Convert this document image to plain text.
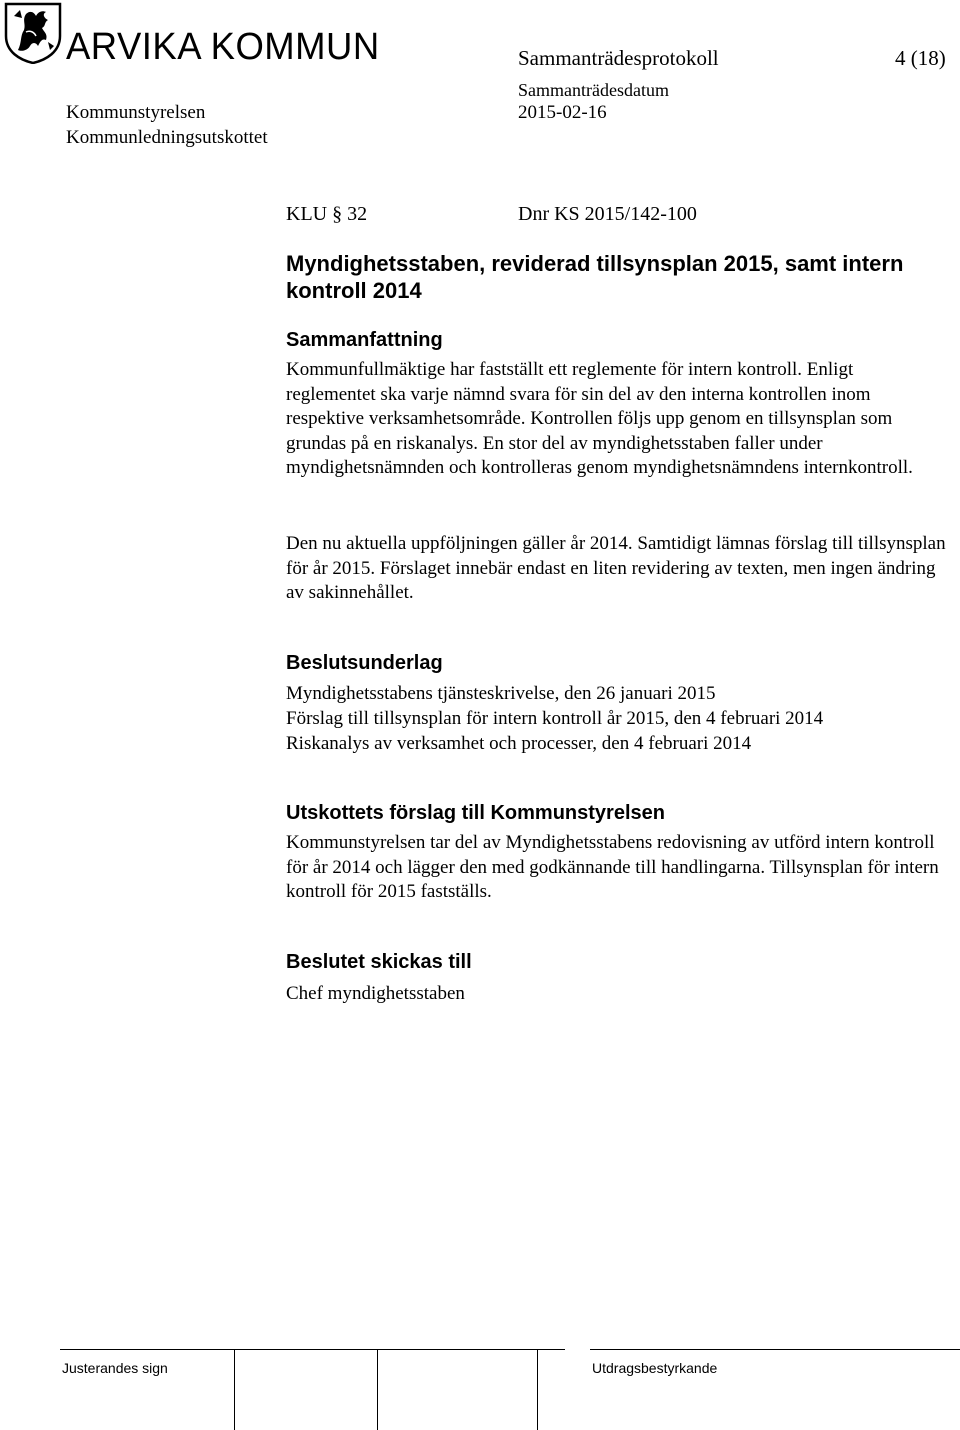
ARVIKA KOMMUN	Sammanträdesprotokoll	4 (18)
Kommunstyrelsen
Kommunledningsutskottet
Sammanträdesdatum
2015-02-16
KLU § 32	Dnr KS 2015/142-100
Myndighetsstaben, reviderad tillsynsplan 2015, samt intern kontroll 2014
Sammanfattning
Kommunfullmäktige har fastställt ett reglemente för intern kontroll. Enligt reglementet ska varje nämnd svara för sin del av den interna kontrollen inom respektive verksamhetsområde. Kontrollen följs upp genom en tillsynsplan som grundas på en riskanalys. En stor del av myndighetsstaben faller under myndighetsnämnden och kontrolleras genom myndighetsnämndens internkontroll.
Den nu aktuella uppföljningen gäller år 2014. Samtidigt lämnas förslag till tillsynsplan för år 2015. Förslaget innebär endast en liten revidering av texten, men ingen ändring av sakinnehållet.
Beslutsunderlag
Myndighetsstabens tjänsteskrivelse, den 26 januari 2015
Förslag till tillsynsplan för intern kontroll år 2015, den 4 februari 2014
Riskanalys av verksamhet och processer, den 4 februari 2014
Utskottets förslag till Kommunstyrelsen
Kommunstyrelsen tar del av Myndighetsstabens redovisning av utförd intern kontroll för år 2014 och lägger den med godkännande till handlingarna. Tillsynsplan för intern kontroll för 2015 fastställs.
Beslutet skickas till
Chef myndighetsstaben
Justerandes sign	Utdragsbestyrkande
